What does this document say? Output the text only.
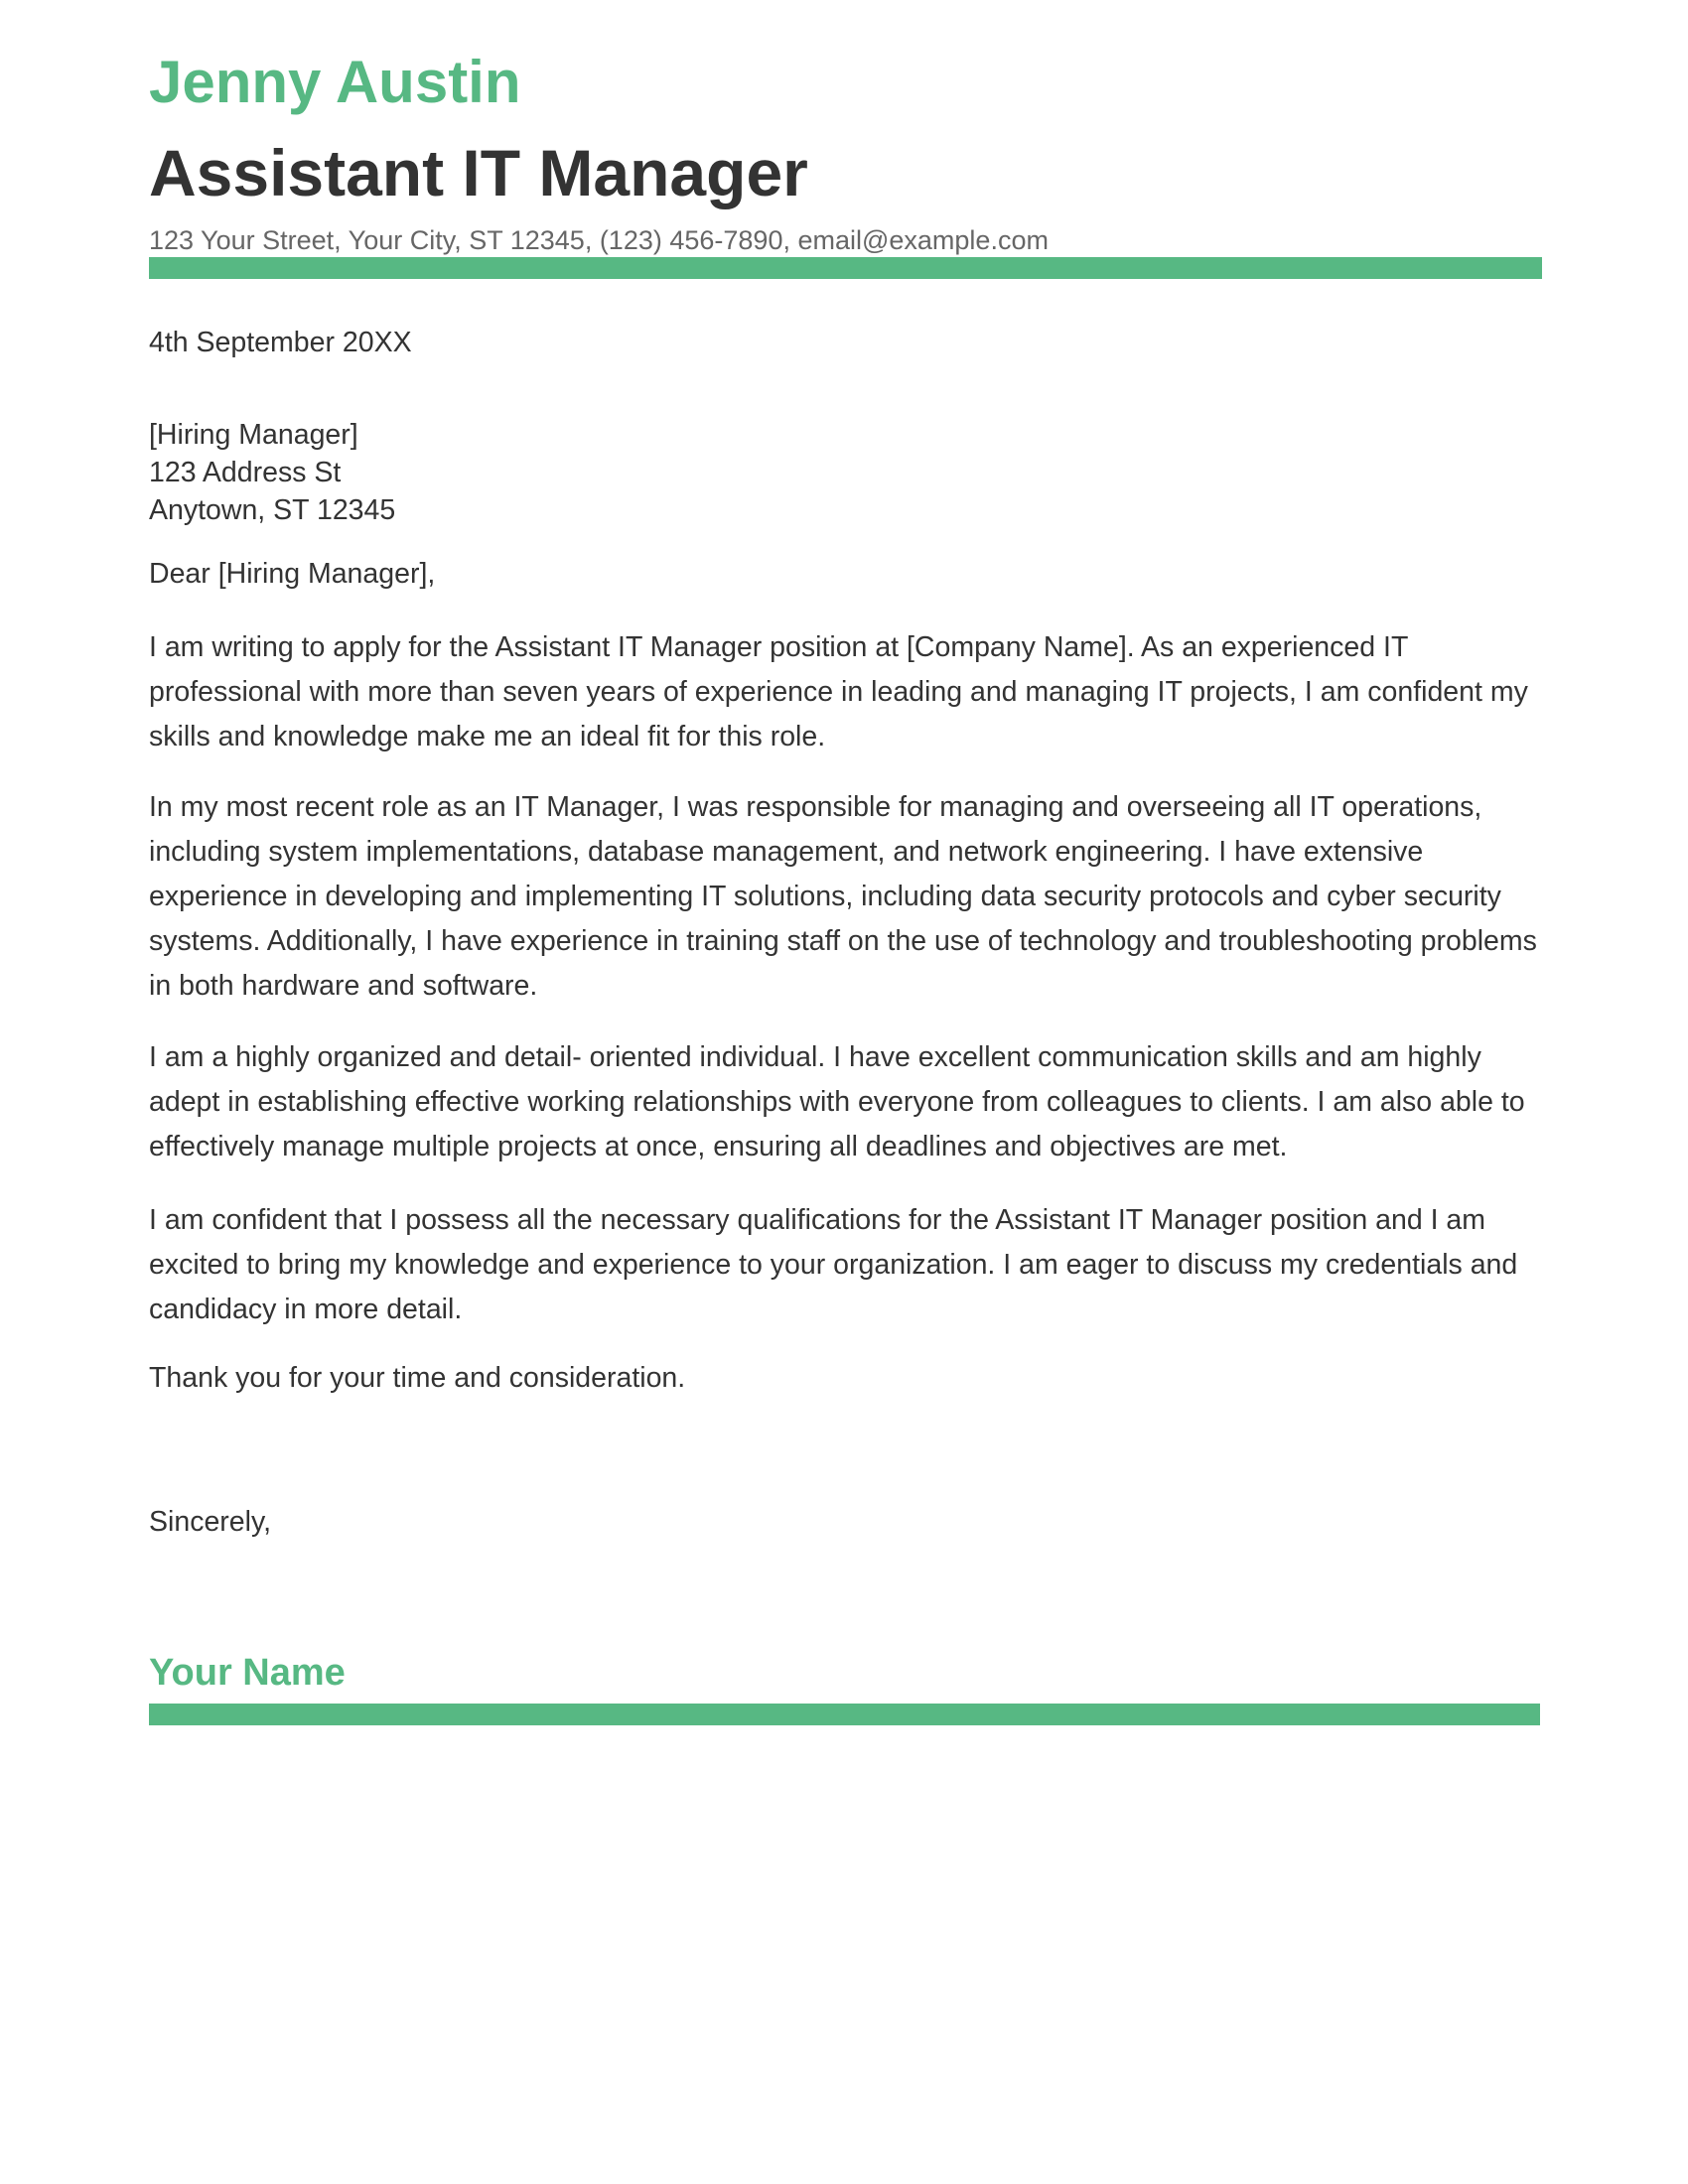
Jenny Austin
Assistant IT Manager
123 Your Street, Your City, ST 12345, (123) 456-7890, email@example.com
4th September 20XX
[Hiring Manager]
123 Address St
Anytown, ST 12345
Dear [Hiring Manager],
I am writing to apply for the Assistant IT Manager position at [Company Name]. As an experienced IT professional with more than seven years of experience in leading and managing IT projects, I am confident my skills and knowledge make me an ideal fit for this role.
In my most recent role as an IT Manager, I was responsible for managing and overseeing all IT operations, including system implementations, database management, and network engineering. I have extensive experience in developing and implementing IT solutions, including data security protocols and cyber security systems. Additionally, I have experience in training staff on the use of technology and troubleshooting problems in both hardware and software.
I am a highly organized and detail- oriented individual. I have excellent communication skills and am highly adept in establishing effective working relationships with everyone from colleagues to clients. I am also able to effectively manage multiple projects at once, ensuring all deadlines and objectives are met.
I am confident that I possess all the necessary qualifications for the Assistant IT Manager position and I am excited to bring my knowledge and experience to your organization. I am eager to discuss my credentials and candidacy in more detail.
Thank you for your time and consideration.
Sincerely,
Your Name
